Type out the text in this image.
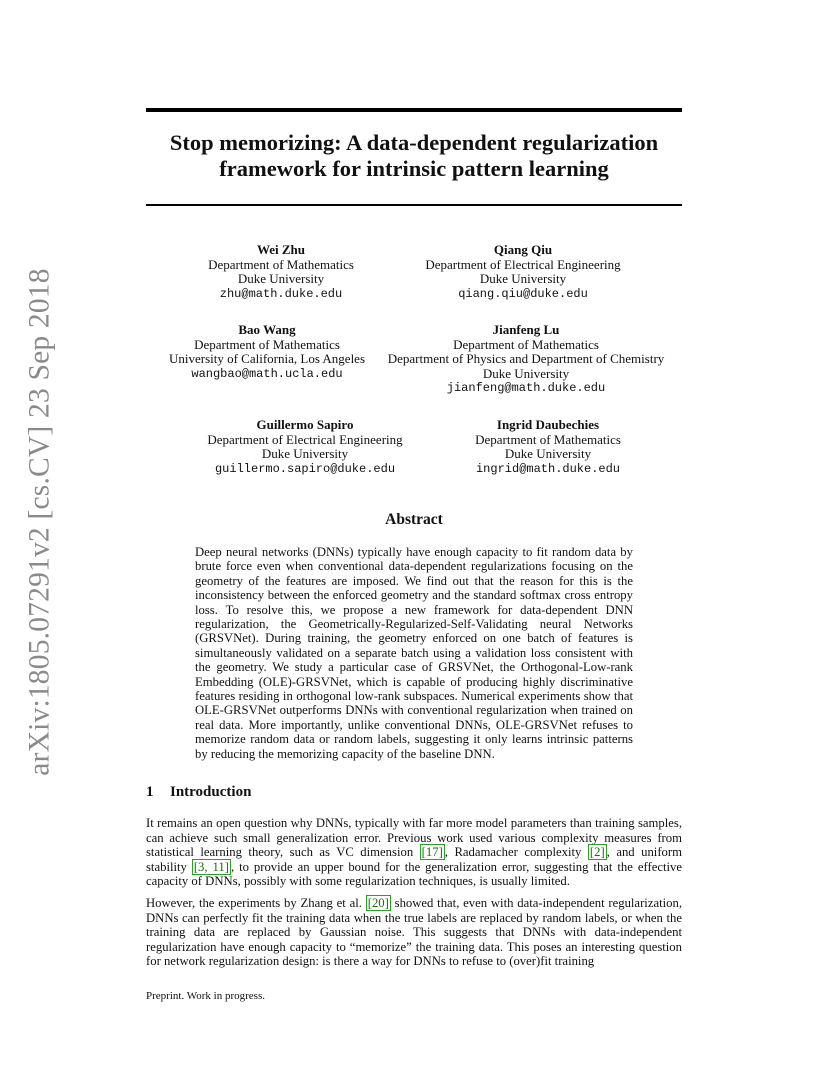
arXiv:1805.07291v2 [cs.CV] 23 Sep 2018
Stop memorizing: A data-dependent regularization
framework for intrinsic pattern learning
Wei Zhu
Department of Mathematics
Duke University
zhu@math.duke.edu
Qiang Qiu
Department of Electrical Engineering
Duke University
qiang.qiu@duke.edu
Bao Wang
Department of Mathematics
University of California, Los Angeles
wangbao@math.ucla.edu
Jianfeng Lu
Department of Mathematics
Department of Physics and Department of Chemistry
Duke University
jianfeng@math.duke.edu
Guillermo Sapiro
Department of Electrical Engineering
Duke University
guillermo.sapiro@duke.edu
Ingrid Daubechies
Department of Mathematics
Duke University
ingrid@math.duke.edu
Abstract

Deep neural networks (DNNs) typically have enough capacity to fit random data by brute force even when conventional data-dependent regularizations focusing on the geometry of the features are imposed. We find out that the reason for this is the inconsistency between the enforced geometry and the standard softmax cross entropy loss. To resolve this, we propose a new framework for data-dependent DNN regularization, the Geometrically-Regularized-Self-Validating neural Networks (GRSVNet). During training, the geometry enforced on one batch of features is simultaneously validated on a separate batch using a validation loss consistent with the geometry. We study a particular case of GRSVNet, the Orthogonal-Low-rank Embedding (OLE)-GRSVNet, which is capable of producing highly discriminative features residing in orthogonal low-rank subspaces. Numerical experiments show that OLE-GRSVNet outperforms DNNs with conventional regularization when trained on real data. More importantly, unlike conventional DNNs, OLE-GRSVNet refuses to memorize random data or random labels, suggesting it only learns intrinsic patterns by reducing the memorizing capacity of the baseline DNN.

1 Introduction

It remains an open question why DNNs, typically with far more model parameters than training samples, can achieve such small generalization error. Previous work used various complexity measures from statistical learning theory, such as VC dimension [17] , Radamacher complexity [2] , and uniform stability [3, 11] , to provide an upper bound for the generalization error, suggesting that the effective capacity of DNNs, possibly with some regularization techniques, is usually limited.

However, the experiments by Zhang et al. [20] showed that, even with data-independent regularization, DNNs can perfectly fit the training data when the true labels are replaced by random labels, or when the training data are replaced by Gaussian noise. This suggests that DNNs with data-independent regularization have enough capacity to “memorize” the training data. This poses an interesting question for network regularization design: is there a way for DNNs to refuse to (over)fit training

Preprint. Work in progress.
